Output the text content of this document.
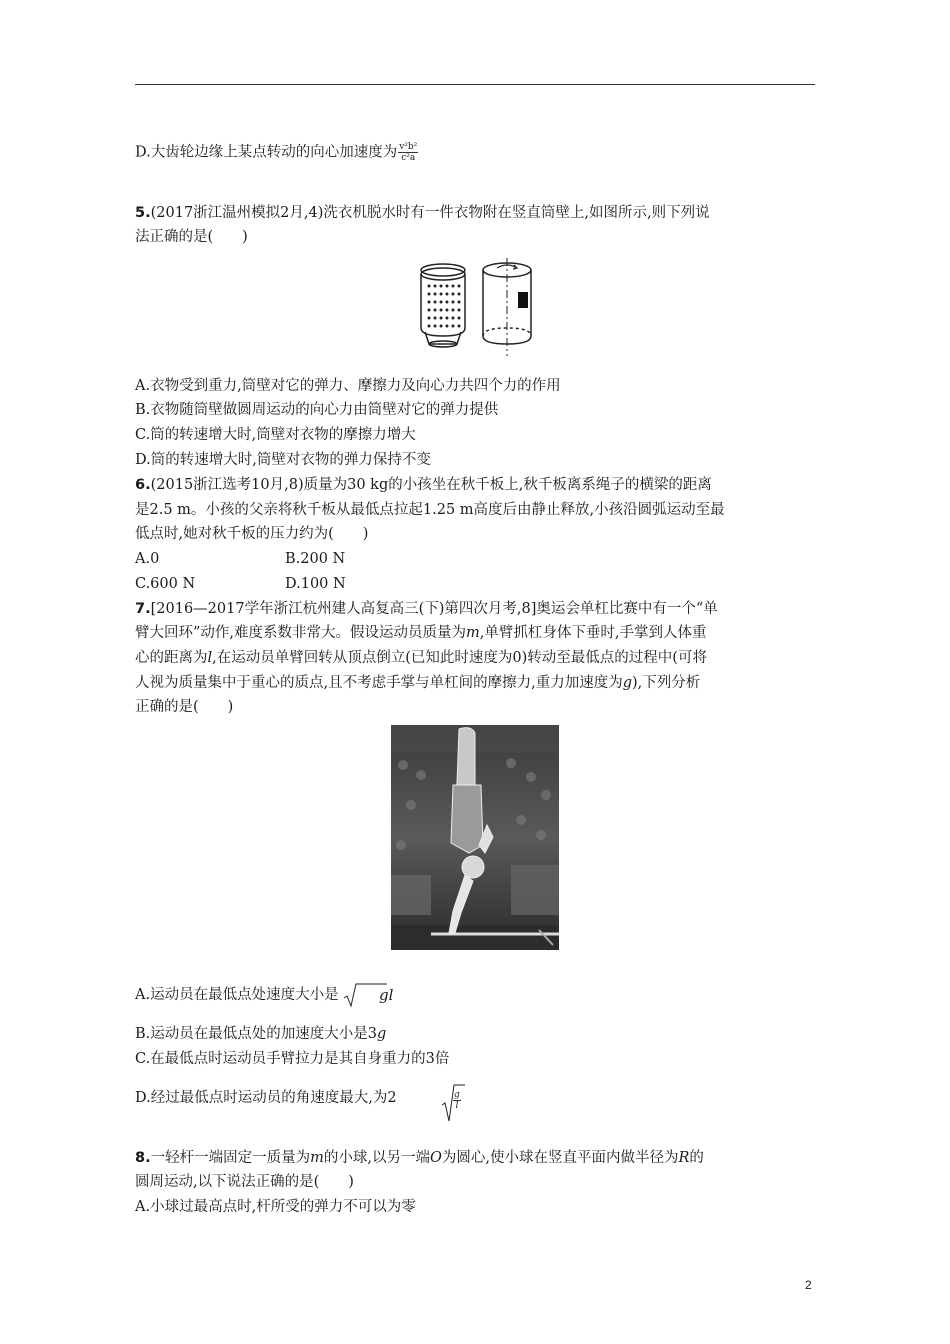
D.大齿轮边缘上某点转动的向心加速度为 $\frac{\text{v²b²}}{\text{c²a}}$
5.(2017浙江温州模拟2月,4)洗衣机脱水时有一件衣物附在竖直筒壁上,如图所示,则下列说
法正确的是(　　)
A.衣物受到重力,筒壁对它的弹力、摩擦力及向心力共四个力的作用
B.衣物随筒壁做圆周运动的向心力由筒壁对它的弹力提供
C.筒的转速增大时,筒壁对衣物的摩擦力增大
D.筒的转速增大时,筒壁对衣物的弹力保持不变
6.(2015浙江选考10月,8)质量为30 kg的小孩坐在秋千板上,秋千板离系绳子的横梁的距离
是2.5 m。小孩的父亲将秋千板从最低点拉起1.25 m高度后由静止释放,小孩沿圆弧运动至最
低点时,她对秋千板的压力约为(　　)
A.0	B.200 N
C.600 N	D.100 N
7.[2016—2017学年浙江杭州建人高复高三(下)第四次月考,8]奥运会单杠比赛中有一个“单
臂大回环”动作,难度系数非常大。假设运动员质量为m,单臂抓杠身体下垂时,手掌到人体重
心的距离为l,在运动员单臂回转从顶点倒立(已知此时速度为0)转动至最低点的过程中(可将
人视为质量集中于重心的质点,且不考虑手掌与单杠间的摩擦力,重力加速度为g),下列分析
正确的是(　　)
A.运动员在最低点处速度大小是	gl
B.运动员在最低点处的加速度大小是3g
C.在最低点时运动员手臂拉力是其自身重力的3倍
D.经过最低点时运动员的角速度最大,为2	$\frac{g}{l}$
8.一轻杆一端固定一质量为m的小球,以另一端O为圆心,使小球在竖直平面内做半径为R的
圆周运动,以下说法正确的是(　　)
A.小球过最高点时,杆所受的弹力不可以为零
2
